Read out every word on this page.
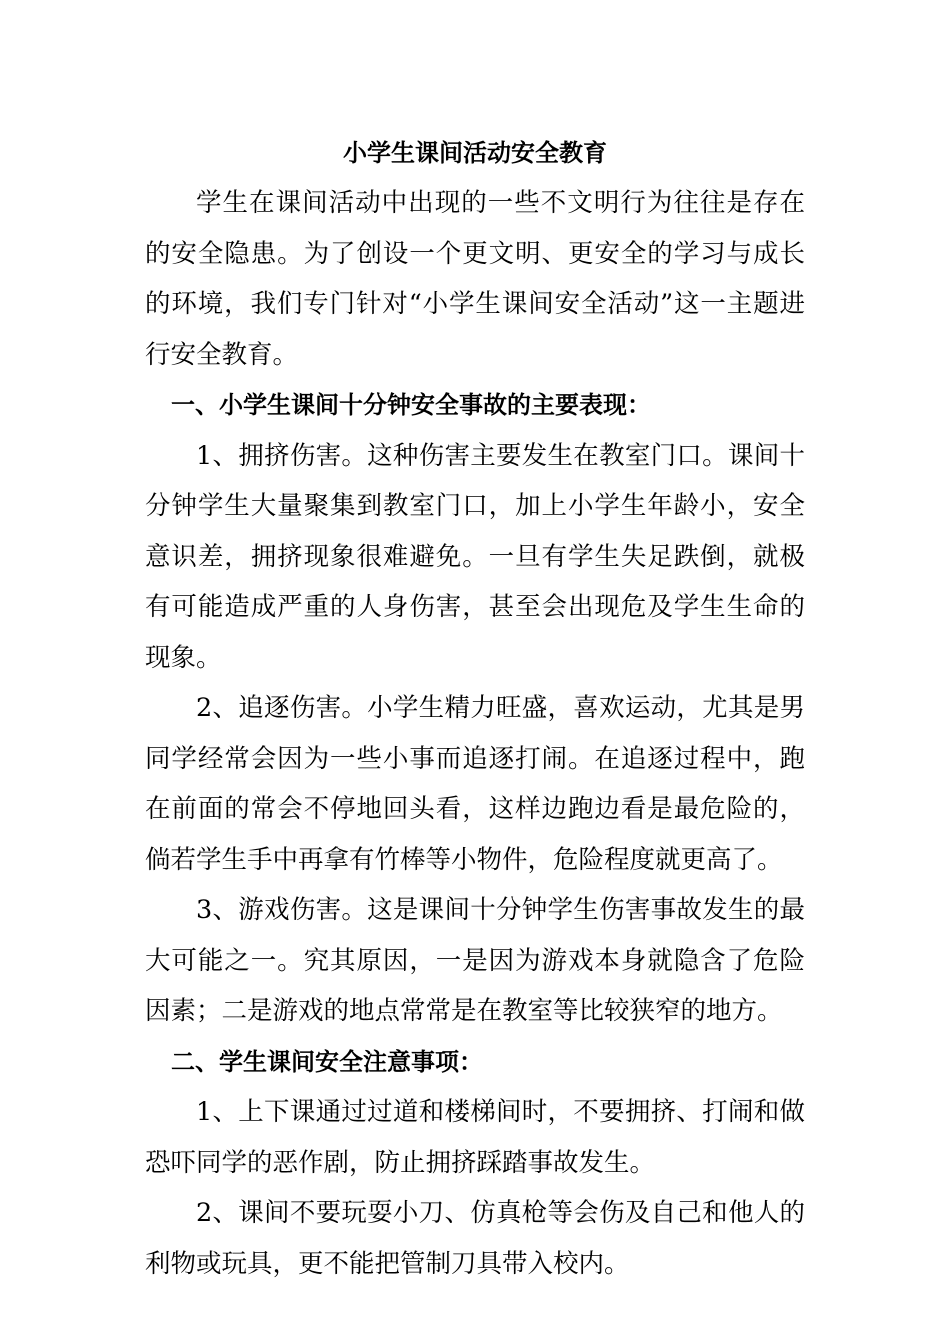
小学生课间活动安全教育

学生在课间活动中出现的一些不文明行为往往是存在的安全隐患。为了创设一个更文明、更安全的学习与成长的环境，我们专门针对“小学生课间安全活动”这一主题进行安全教育。

一、小学生课间十分钟安全事故的主要表现：

1、拥挤伤害。这种伤害主要发生在教室门口。课间十分钟学生大量聚集到教室门口，加上小学生年龄小，安全意识差，拥挤现象很难避免。一旦有学生失足跌倒，就极有可能造成严重的人身伤害，甚至会出现危及学生生命的现象。

2、追逐伤害。小学生精力旺盛，喜欢运动，尤其是男同学经常会因为一些小事而追逐打闹。在追逐过程中，跑在前面的常会不停地回头看，这样边跑边看是最危险的，倘若学生手中再拿有竹棒等小物件，危险程度就更高了。

3、游戏伤害。这是课间十分钟学生伤害事故发生的最大可能之一。究其原因，一是因为游戏本身就隐含了危险因素；二是游戏的地点常常是在教室等比较狭窄的地方。

二、学生课间安全注意事项：

1、上下课通过过道和楼梯间时，不要拥挤、打闹和做恐吓同学的恶作剧，防止拥挤踩踏事故发生。

2、课间不要玩耍小刀、仿真枪等会伤及自己和他人的利物或玩具，更不能把管制刀具带入校内。
